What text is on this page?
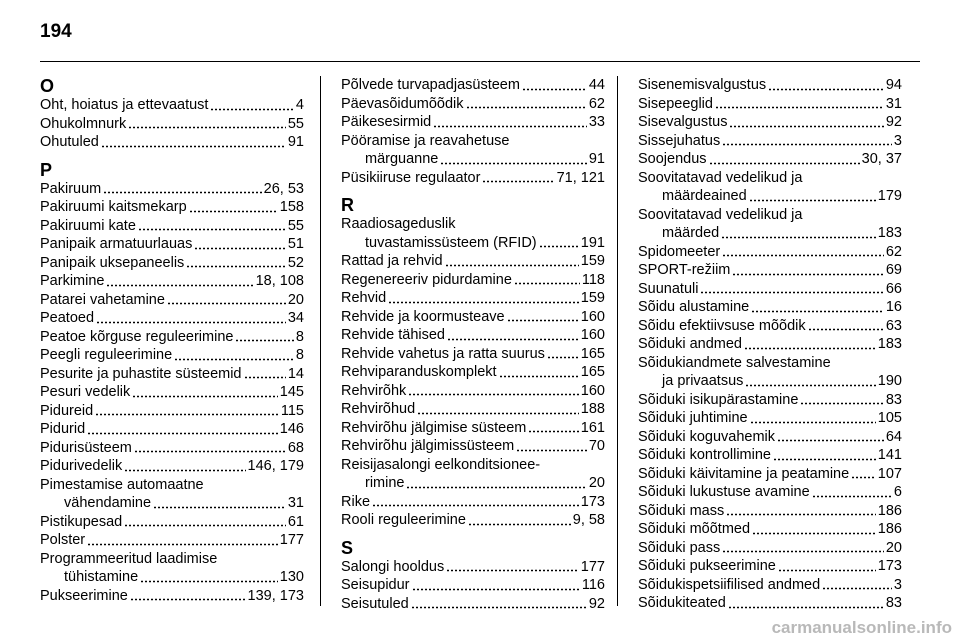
194
O
Oht, hoiatus ja ettevaatust	4
Ohukolmnurk	55
Ohutuled	91
P
Pakiruum	26, 53
Pakiruumi kaitsmekarp	158
Pakiruumi kate	55
Panipaik armatuurlauas	51
Panipaik uksepaneelis	52
Parkimine	18, 108
Patarei vahetamine	20
Peatoed	34
Peatoe kõrguse reguleerimine	8
Peegli reguleerimine	8
Pesurite ja puhastite süsteemid	14
Pesuri vedelik	145
Pidureid	115
Pidurid	146
Pidurisüsteem	68
Pidurivedelik	146, 179
Pimestamise automaatne
vähendamine	31
Pistikupesad	61
Polster	177
Programmeeritud laadimise
tühistamine	130
Pukseerimine	139, 173
Põlvede turvapadjasüsteem	44
Päevasõidumõõdik	62
Päikesesirmid	33
Pööramise ja reavahetuse
märguanne	91
Püsikiiruse regulaator	71, 121
R
Raadiosageduslik
tuvastamissüsteem (RFID)	191
Rattad ja rehvid	159
Regenereeriv pidurdamine	118
Rehvid	159
Rehvide ja koormusteave	160
Rehvide tähised	160
Rehvide vahetus ja ratta suurus 165
Rehviparanduskomplekt	165
Rehvirõhk	160
Rehvirõhud	188
Rehvirõhu jälgimise süsteem	161
Rehvirõhu jälgimissüsteem	70
Reisijasalongi eelkonditsionee-
rimine	20
Rike	173
Rooli reguleerimine	9, 58
S
Salongi hooldus	177
Seisupidur	116
Seisutuled	92
Sisenemisvalgustus	94
Sisepeeglid	31
Sisevalgustus	92
Sissejuhatus	3
Soojendus	30, 37
Soovitatavad vedelikud ja
määrdeained	179
Soovitatavad vedelikud ja
määrded	183
Spidomeeter	62
SPORT-režiim	69
Suunatuli	66
Sõidu alustamine	16
Sõidu efektiivsuse mõõdik	63
Sõiduki andmed	183
Sõidukiandmete salvestamine
ja privaatsus	190
Sõiduki isikupärastamine	83
Sõiduki juhtimine	105
Sõiduki koguvahemik	64
Sõiduki kontrollimine	141
Sõiduki käivitamine ja peatamine 107
Sõiduki lukustuse avamine	6
Sõiduki mass	186
Sõiduki mõõtmed	186
Sõiduki pass	20
Sõiduki pukseerimine	173
Sõidukispetsiifilised andmed	3
Sõidukiteated	83
carmanualsonline.info
